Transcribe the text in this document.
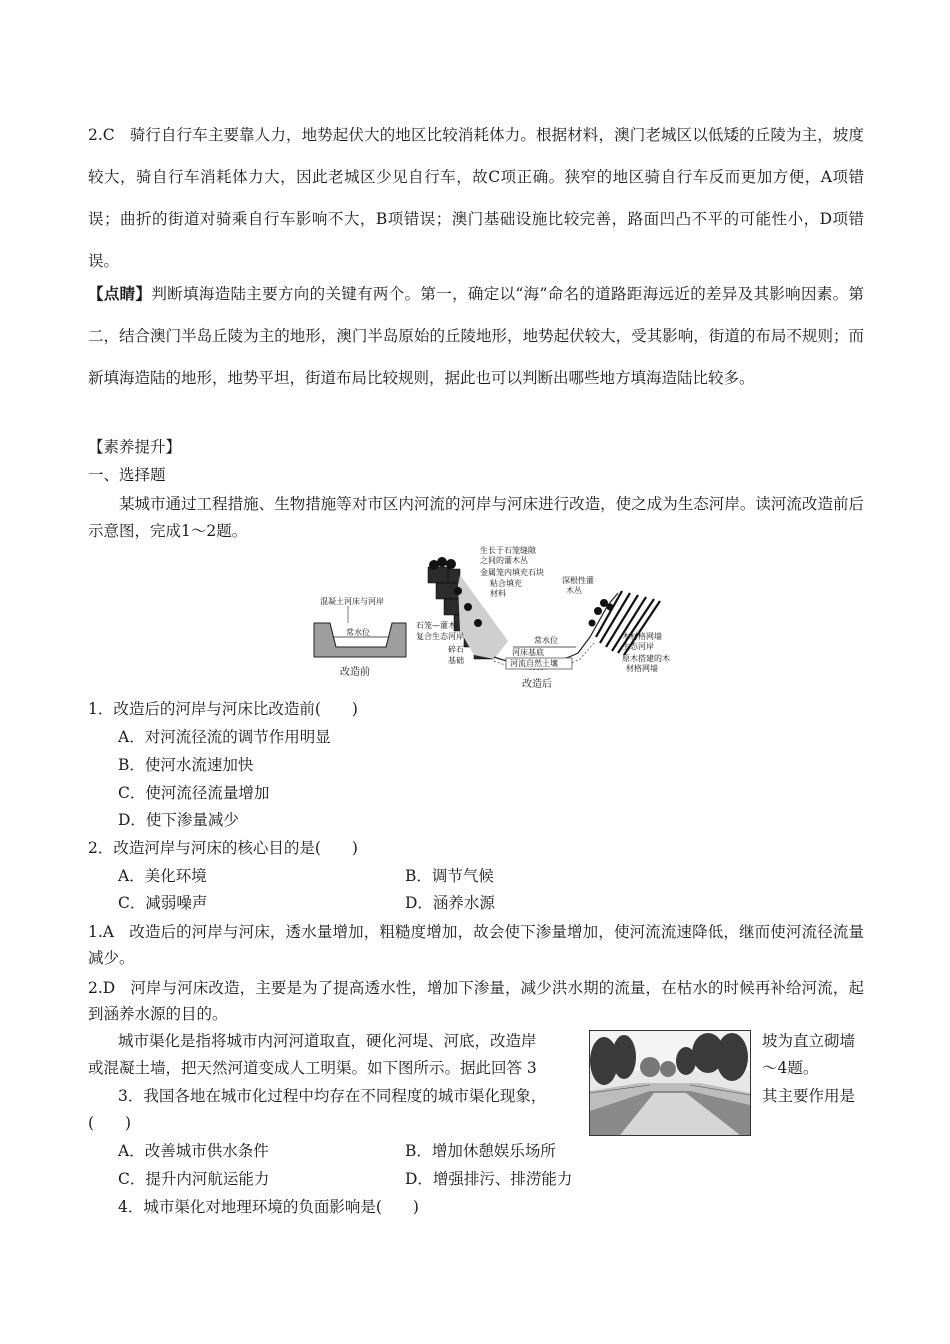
2.C 骑行自行车主要靠人力，地势起伏大的地区比较消耗体力。根据材料，澳门老城区以低矮的丘陵为主，坡度较大，骑自行车消耗体力大，因此老城区少见自行车，故C项正确。狭窄的地区骑自行车反而更加方便，A项错误；曲折的街道对骑乘自行车影响不大，B项错误；澳门基础设施比较完善，路面凹凸不平的可能性小，D项错误。
【点睛】判断填海造陆主要方向的关键有两个。第一，确定以“海”命名的道路距海远近的差异及其影响因素。第二，结合澳门半岛丘陵为主的地形，澳门半岛原始的丘陵地形，地势起伏较大，受其影响，街道的布局不规则；而新填海造陆的地形，地势平坦，街道布局比较规则，据此也可以判断出哪些地方填海造陆比较多。
【素养提升】
一、选择题
某城市通过工程措施、生物措施等对市区内河流的河岸与河床进行改造，使之成为生态河岸。读河流改造前后示意图，完成1～2题。
混凝土河床与河岸
常水位
改造前
生长于石笼缝隙
之间的灌木丛
金属笼内填充石块
粘合填充
材料
深根性灌
木丛
石笼—灌木
复合生态河岸
碎石
基础
常水位
河床基底
河流自然土壤
木材格网墙
生态河岸
原木搭建的木
材格网墙
改造后
1．改造后的河岸与河床比改造前(　　)
A．对河流径流的调节作用明显
B．使河水流速加快
C．使河流径流量增加
D．使下渗量减少
2．改造河岸与河床的核心目的是(　　)
A．美化环境	B．调节气候
C．减弱噪声	D．涵养水源
1.A 改造后的河岸与河床，透水量增加，粗糙度增加，故会使下渗量增加，使河流流速降低，继而使河流径流量减少。
2.D 河岸与河床改造，主要是为了提高透水性，增加下渗量，减少洪水期的流量，在枯水的时候再补给河流，起到涵养水源的目的。
城市渠化是指将城市内河河道取直，硬化河堤、河底，改造岸	坡为直立砌墙
或混凝土墙，把天然河道变成人工明渠。如下图所示。据此回答 3	～4题。
3．我国各地在城市化过程中均存在不同程度的城市渠化现象，	其主要作用是
(　　)
A．改善城市供水条件	B．增加休憩娱乐场所
C．提升内河航运能力	D．增强排污、排涝能力
4．城市渠化对地理环境的负面影响是(　　)
